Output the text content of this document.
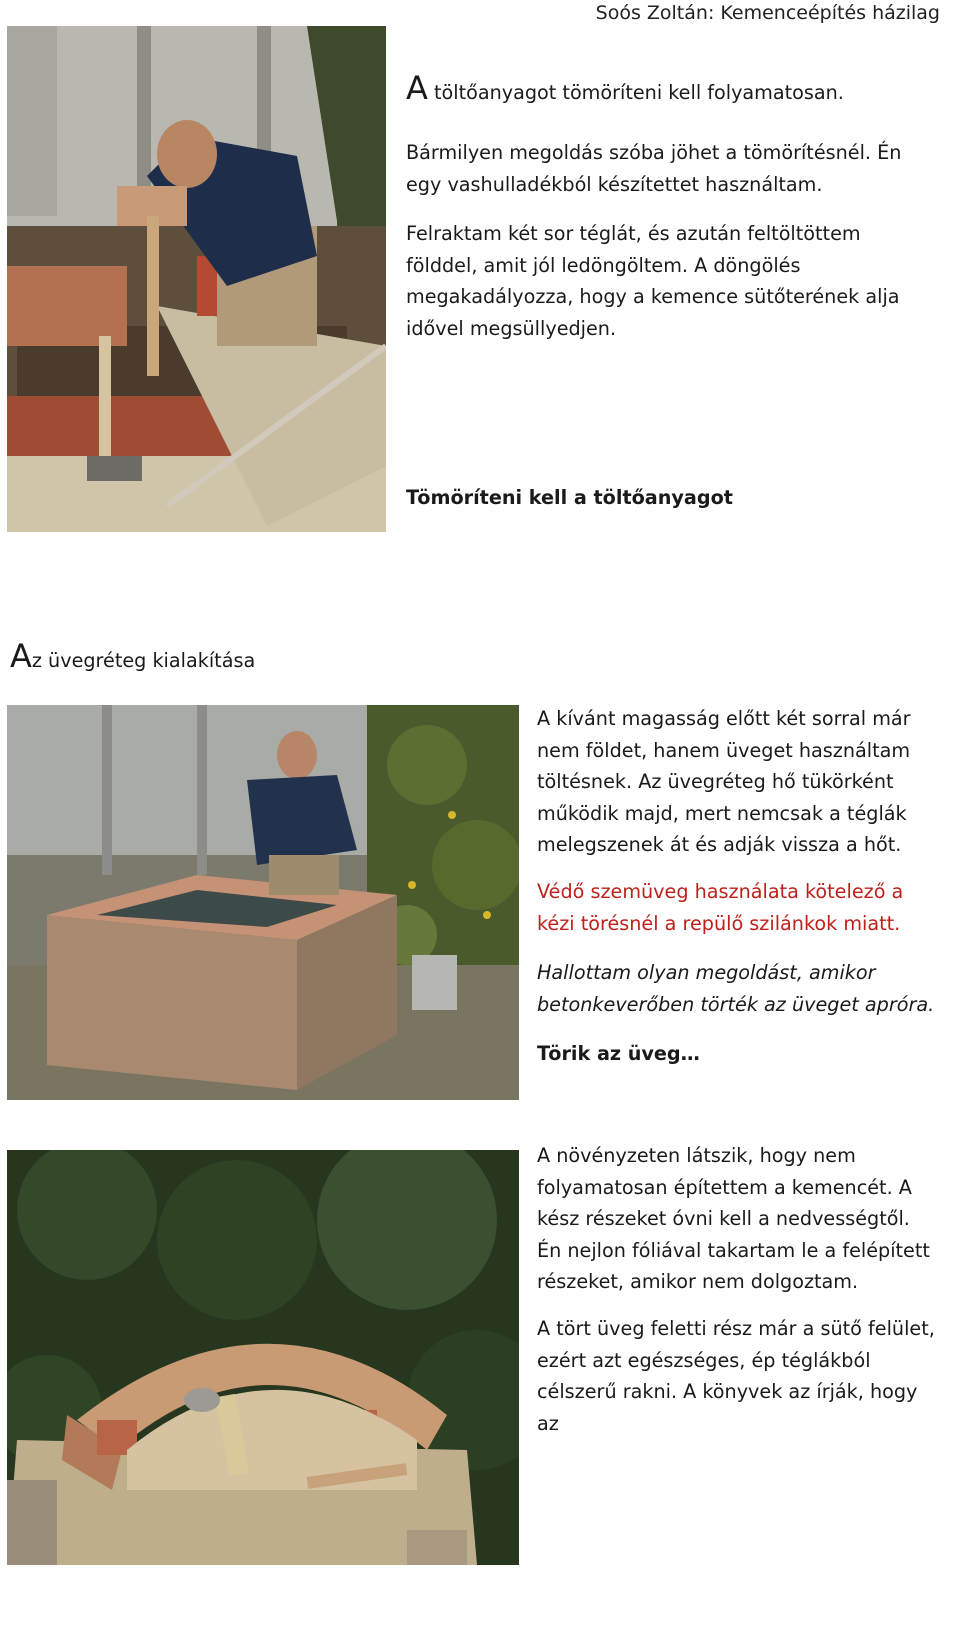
Soós Zoltán: Kemenceépítés házilag

A töltőanyagot tömöríteni kell folyamatosan.

Bármilyen megoldás szóba jöhet a tömörítésnél. Én egy vashulladékból készítettet használtam.

Felraktam két sor téglát, és azután feltöltöttem földdel, amit jól ledöngöltem. A döngölés megakadályozza, hogy a kemence sütőterének alja idővel megsüllyedjen.

Tömöríteni kell a töltőanyagot

Az üvegréteg kialakítása

A kívánt magasság előtt két sorral már nem földet, hanem üveget használtam töltésnek. Az üvegréteg hő tükörként működik majd, mert nemcsak a téglák melegszenek át és adják vissza a hőt.

Védő szemüveg használata kötelező a kézi törésnél a repülő szilánkok miatt.

Hallottam olyan megoldást, amikor betonkeverőben törték az üveget apróra.

Törik az üveg…

A növényzeten látszik, hogy nem folyamatosan építettem a kemencét. A kész részeket óvni kell a nedvességtől. Én nejlon fóliával takartam le a felépített részeket, amikor nem dolgoztam.

A tört üveg feletti rész már a sütő felület, ezért azt egészséges, ép téglákból célszerű rakni. A könyvek az írják, hogy az
